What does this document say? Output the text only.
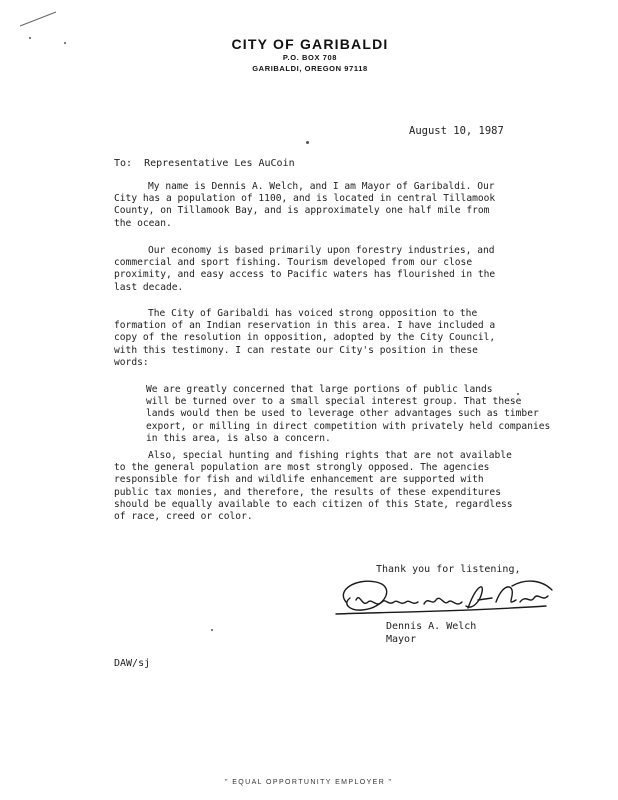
CITY OF GARIBALDI
P.O. BOX 708
GARIBALDI, OREGON 97118
August 10, 1987
To:  Representative Les AuCoin
My name is Dennis A. Welch, and I am Mayor of Garibaldi. Our
City has a population of 1100, and is located in central Tillamook
County, on Tillamook Bay, and is approximately one half mile from
the ocean.
Our economy is based primarily upon forestry industries, and
commercial and sport fishing. Tourism developed from our close
proximity, and easy access to Pacific waters has flourished in the
last decade.
The City of Garibaldi has voiced strong opposition to the
formation of an Indian reservation in this area. I have included a
copy of the resolution in opposition, adopted by the City Council,
with this testimony. I can restate our City's position in these
words:
We are greatly concerned that large portions of public lands
will be turned over to a small special interest group. That these
lands would then be used to leverage other advantages such as timber
export, or milling in direct competition with privately held companies
in this area, is also a concern.
Also, special hunting and fishing rights that are not available
to the general population are most strongly opposed. The agencies
responsible for fish and wildlife enhancement are supported with
public tax monies, and therefore, the results of these expenditures
should be equally available to each citizen of this State, regardless
of race, creed or color.
Thank you for listening,
Dennis A. Welch
Mayor
DAW/sj
" EQUAL OPPORTUNITY EMPLOYER "
